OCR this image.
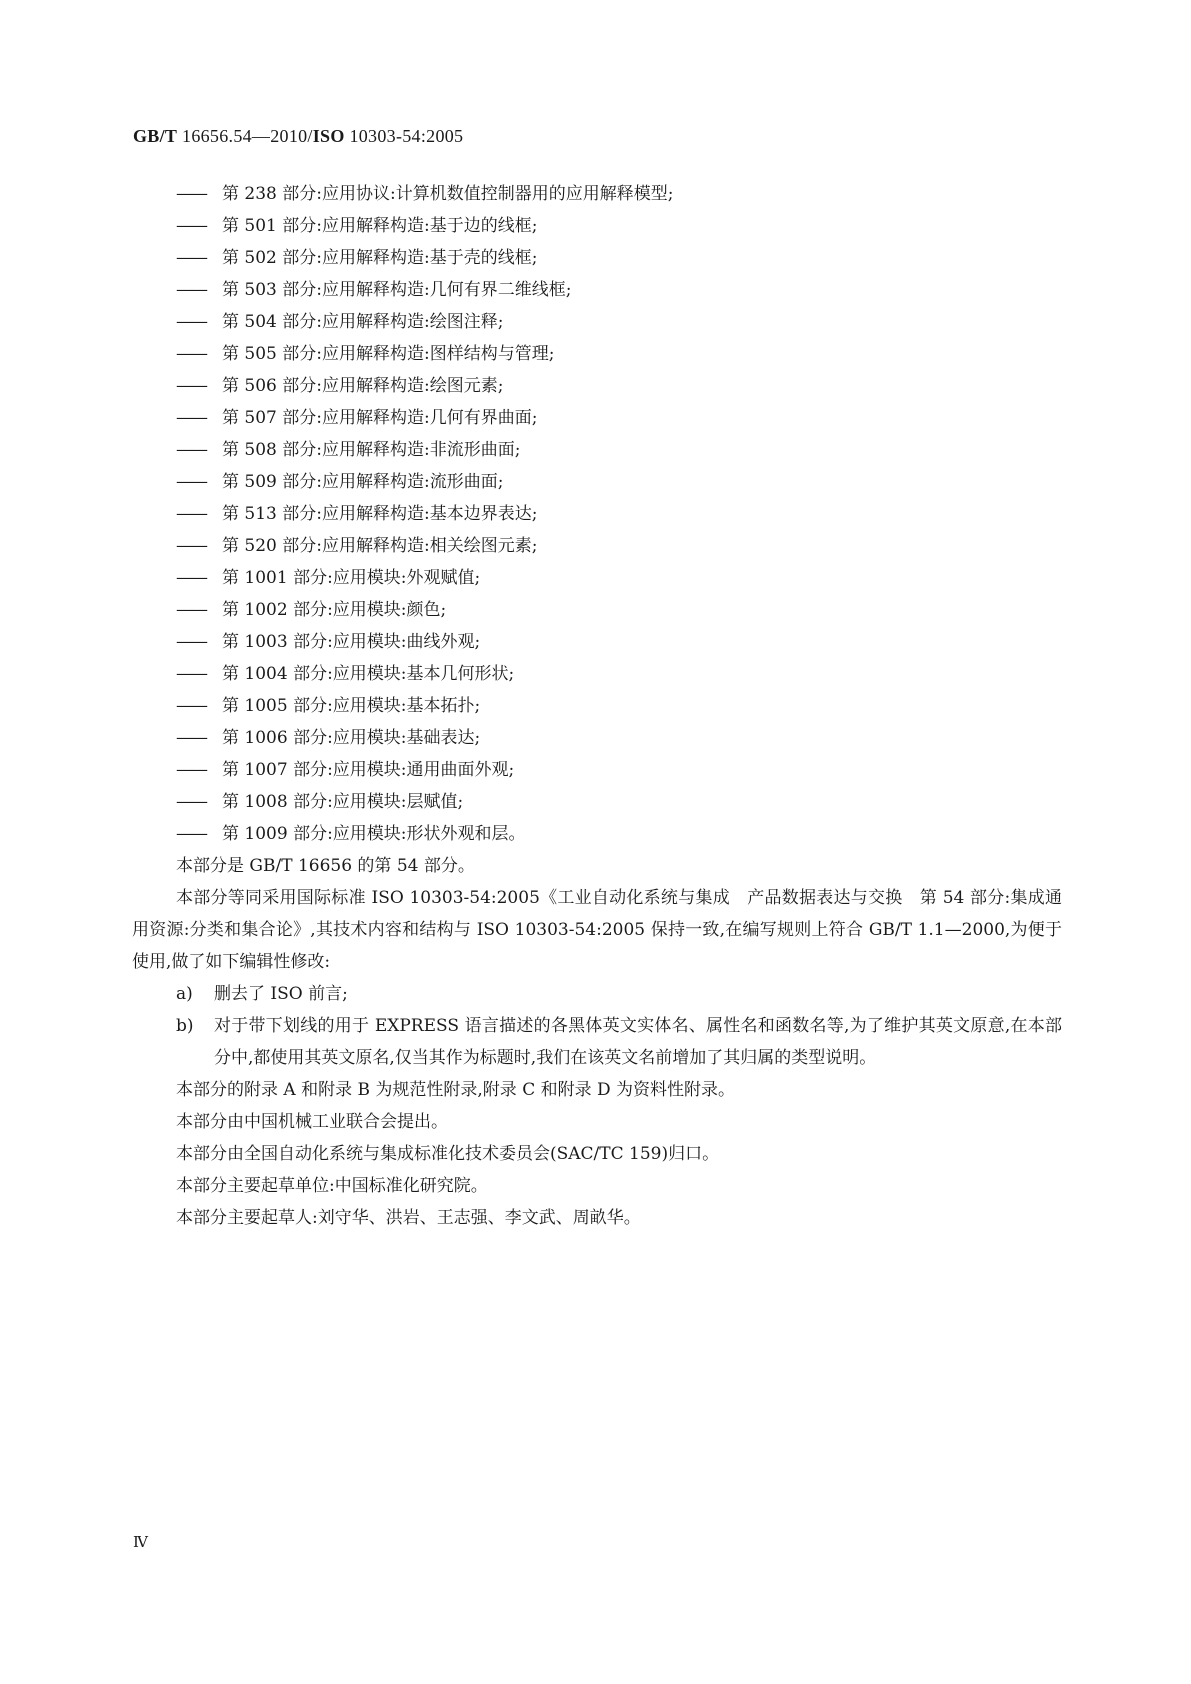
GB/T 16656.54—2010/ISO 10303-54:2005
—— 第 238 部分:应用协议:计算机数值控制器用的应用解释模型;
—— 第 501 部分:应用解释构造:基于边的线框;
—— 第 502 部分:应用解释构造:基于壳的线框;
—— 第 503 部分:应用解释构造:几何有界二维线框;
—— 第 504 部分:应用解释构造:绘图注释;
—— 第 505 部分:应用解释构造:图样结构与管理;
—— 第 506 部分:应用解释构造:绘图元素;
—— 第 507 部分:应用解释构造:几何有界曲面;
—— 第 508 部分:应用解释构造:非流形曲面;
—— 第 509 部分:应用解释构造:流形曲面;
—— 第 513 部分:应用解释构造:基本边界表达;
—— 第 520 部分:应用解释构造:相关绘图元素;
—— 第 1001 部分:应用模块:外观赋值;
—— 第 1002 部分:应用模块:颜色;
—— 第 1003 部分:应用模块:曲线外观;
—— 第 1004 部分:应用模块:基本几何形状;
—— 第 1005 部分:应用模块:基本拓扑;
—— 第 1006 部分:应用模块:基础表达;
—— 第 1007 部分:应用模块:通用曲面外观;
—— 第 1008 部分:应用模块:层赋值;
—— 第 1009 部分:应用模块:形状外观和层。
本部分是 GB/T 16656 的第 54 部分。
本部分等同采用国际标准 ISO 10303-54:2005《工业自动化系统与集成　产品数据表达与交换　第 54 部分:集成通用资源:分类和集合论》,其技术内容和结构与 ISO 10303-54:2005 保持一致,在编写规则上符合 GB/T 1.1—2000,为便于使用,做了如下编辑性修改:
a) 删去了 ISO 前言;
b) 对于带下划线的用于 EXPRESS 语言描述的各黑体英文实体名、属性名和函数名等,为了维护其英文原意,在本部分中,都使用其英文原名,仅当其作为标题时,我们在该英文名前增加了其归属的类型说明。
本部分的附录 A 和附录 B 为规范性附录,附录 C 和附录 D 为资料性附录。
本部分由中国机械工业联合会提出。
本部分由全国自动化系统与集成标准化技术委员会(SAC/TC 159)归口。
本部分主要起草单位:中国标准化研究院。
本部分主要起草人:刘守华、洪岩、王志强、李文武、周畝华。
Ⅳ
